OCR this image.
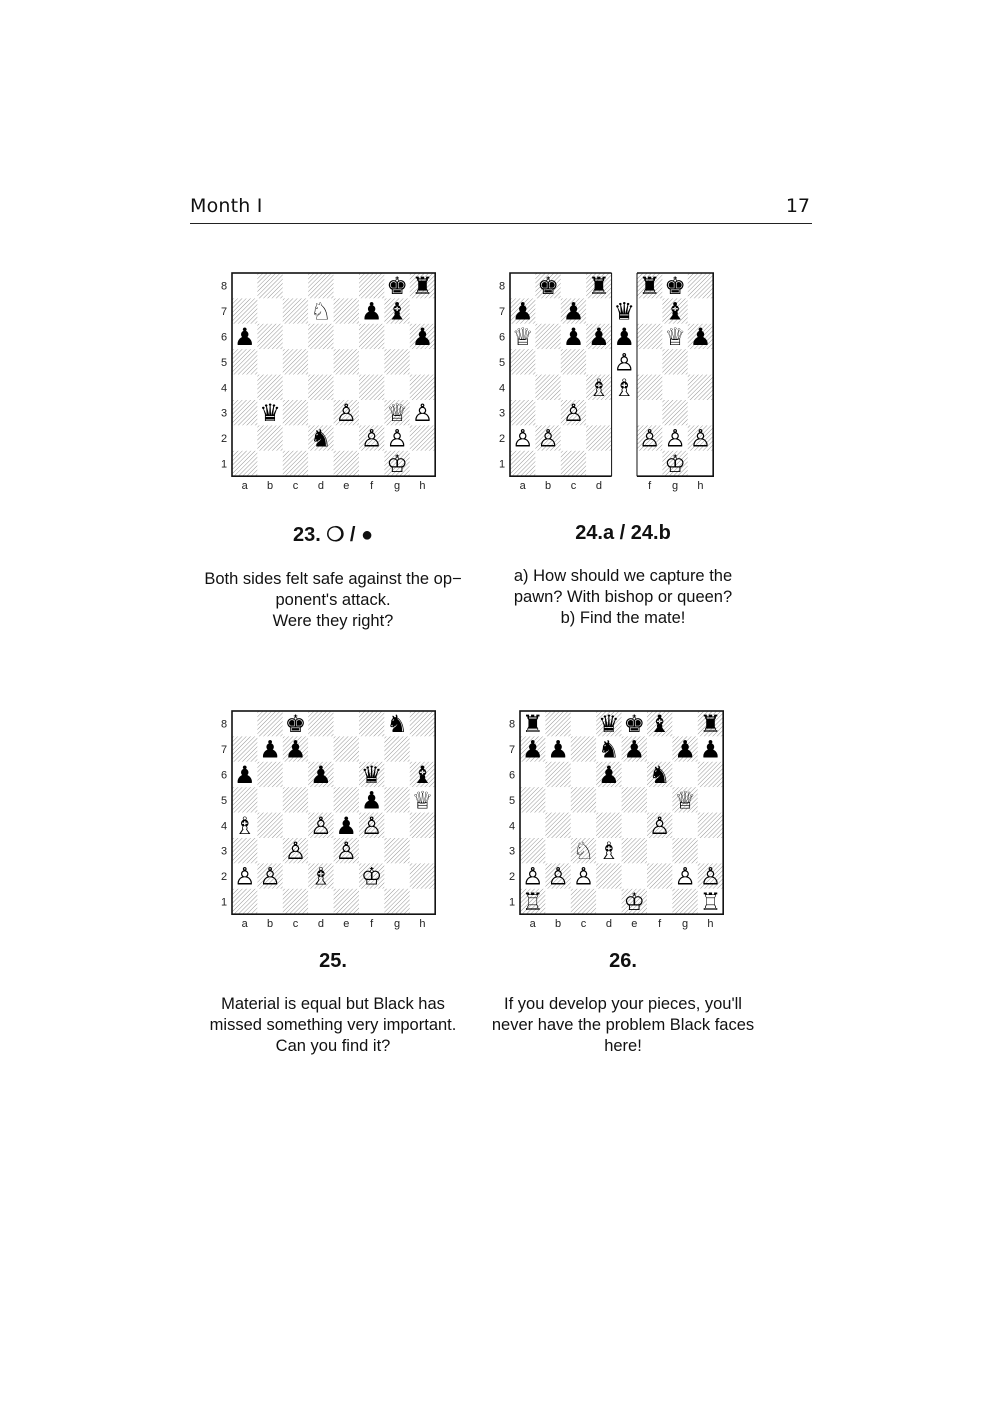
Month I	17
8
7
6
5
4
3
2
1
a b c d e f g h
♚ ♜
♘ ♟ ♝
♟	♟
♛ ♙ ♕ ♙
♞ ♙ ♙
♔
23. ❍ / ●
Both sides felt safe against the op−
ponent's attack.
Were they right?
8
7
6
5
4
3
2
1
a b c d	f g h
♚ ♜
♟ ♟
♕ ♟ ♟
♗
♙
♙ ♙
♜ ♚
♛ ♝
♟ ♕ ♟
♙
♗
♙ ♙ ♙
♔
24.a / 24.b
a) How should we capture the
pawn? With bishop or queen?
b) Find the mate!
8
7
6
5
4
3
2
1
a b c d e f g h
♚	♞
♟ ♟
♟ ♟ ♛ ♝
♟ ♕
♗ ♙ ♟ ♙
♙ ♙
♙ ♙ ♗ ♔
25.
Material is equal but Black has
missed something very important.
Can you find it?
8
7
6
5
4
3
2
1
a b c d e f g h
♜ ♛ ♚ ♝ ♜
♟ ♟ ♞ ♟ ♟ ♟
♟ ♞
♕
♙
♘ ♗
♙ ♙ ♙	♙ ♙
♖	♔ ♖
26.
If you develop your pieces, you'll
never have the problem Black faces
here!
